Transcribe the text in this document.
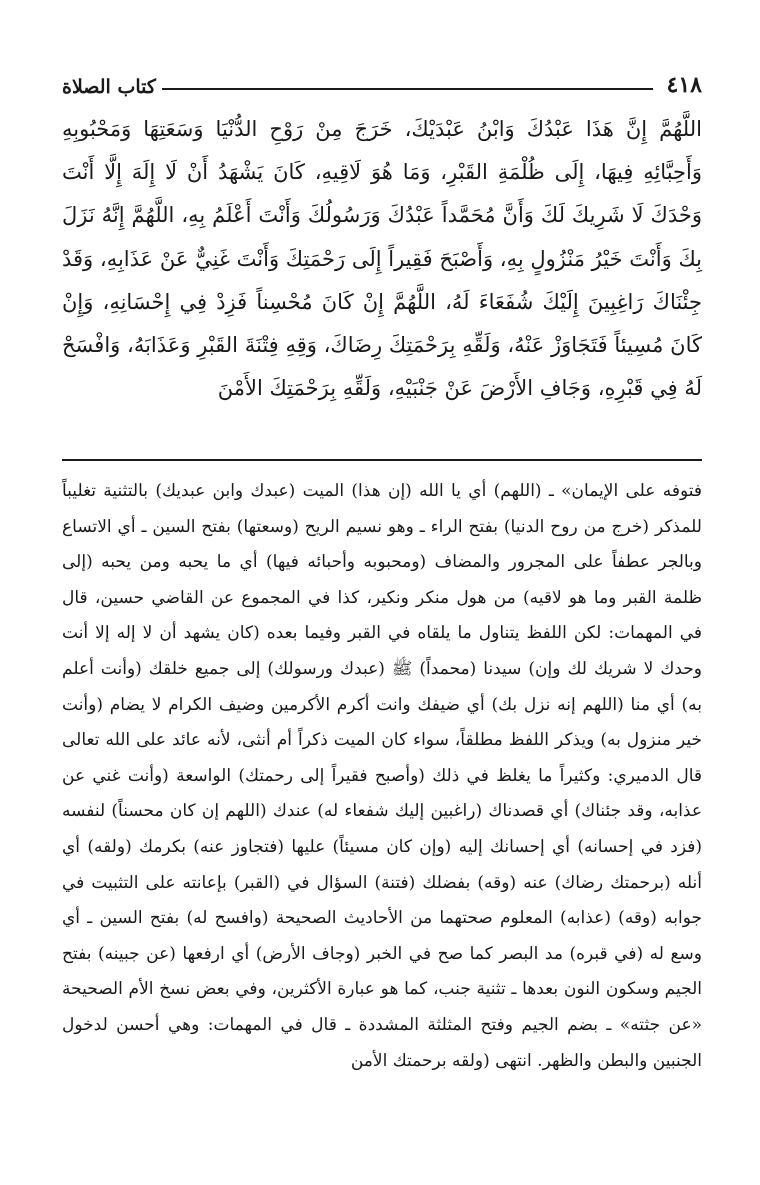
٤١٨
كتاب الصلاة
اللَّهُمَّ إِنَّ هَذَا عَبْدُكَ وَابْنُ عَبْدَيْكَ، خَرَجَ مِنْ رَوْحِ الدُّنْيَا وَسَعَتِهَا وَمَحْبُوبِهِ وَأَحِبَّائِهِ فِيهَا، إِلَى ظُلْمَةِ القَبْرِ، وَمَا هُوَ لَاقِيهِ، كَانَ يَشْهَدُ أَنْ لَا إِلَهَ إِلَّا أَنْتَ وَحْدَكَ لَا شَرِيكَ لَكَ وَأَنَّ مُحَمَّداً عَبْدُكَ وَرَسُولُكَ وَأَنْتَ أَعْلَمُ بِهِ، اللَّهُمَّ إِنَّهُ نَزَلَ بِكَ وَأَنْتَ خَيْرُ مَنْزُولٍ بِهِ، وَأَصْبَحَ فَقِيراً إِلَى رَحْمَتِكَ وَأَنْتَ غَنِيٌّ عَنْ عَذَابِهِ، وَقَدْ جِئْنَاكَ رَاغِبِينَ إِلَيْكَ شُفَعَاءَ لَهُ، اللَّهُمَّ إِنْ كَانَ مُحْسِناً فَزِدْ فِي إِحْسَانِهِ، وَإِنْ كَانَ مُسِيئاً فَتَجَاوَزْ عَنْهُ، وَلَقِّهِ بِرَحْمَتِكَ رِضَاكَ، وَقِهِ فِتْنَةَ القَبْرِ وَعَذَابَهُ، وَافْسَحْ لَهُ فِي قَبْرِهِ، وَجَافِ الأَرْضَ عَنْ جَنْبَيْهِ، وَلَقِّهِ بِرَحْمَتِكَ الأَمْنَ

فتوفه على الإيمان» ـ (اللهم) أي يا الله (إن هذا) الميت (عبدك وابن عبديك) بالتثنية تغليباً للمذكر (خرج من روح الدنيا) بفتح الراء ـ وهو نسيم الريح (وسعتها) بفتح السين ـ أي الاتساع وبالجر عطفاً على المجرور والمضاف (ومحبوبه وأحبائه فيها) أي ما يحبه ومن يحبه (إلى ظلمة القبر وما هو لاقيه) من هول منكر ونكير، كذا في المجموع عن القاضي حسين، قال في المهمات: لكن اللفظ يتناول ما يلقاه في القبر وفيما بعده (كان يشهد أن لا إله إلا أنت وحدك لا شريك لك وإن) سيدنا (محمداً) ﷺ (عبدك ورسولك) إلى جميع خلقك (وأنت أعلم به) أي منا (اللهم إنه نزل بك) أي ضيفك وانت أكرم الأكرمين وضيف الكرام لا يضام (وأنت خير منزول به) ويذكر اللفظ مطلقاً، سواء كان الميت ذكراً أم أنثى، لأنه عائد على الله تعالى قال الدميري: وكثيراً ما يغلظ في ذلك (وأصبح فقيراً إلى رحمتك) الواسعة (وأنت غني عن عذابه، وقد جئناك) أي قصدناك (راغبين إليك شفعاء له) عندك (اللهم إن كان محسناً) لنفسه (فزد في إحسانه) أي إحسانك إليه (وإن كان مسيئاً) عليها (فتجاوز عنه) بكرمك (ولقه) أي أنله (برحمتك رضاك) عنه (وقه) بفضلك (فتنة) السؤال في (القبر) بإعانته على التثبيت في جوابه (وقه) (عذابه) المعلوم صحتهما من الأحاديث الصحيحة (وافسح له) بفتح السين ـ أي وسع له (في قبره) مد البصر كما صح في الخبر (وجاف الأرض) أي ارفعها (عن جبينه) بفتح الجيم وسكون النون بعدها ـ تثنية جنب، كما هو عبارة الأكثرين، وفي بعض نسخ الأم الصحيحة «عن جثته» ـ بضم الجيم وفتح المثلثة المشددة ـ قال في المهمات: وهي أحسن لدخول الجنبين والبطن والظهر. انتهى (ولقه برحمتك الأمن
